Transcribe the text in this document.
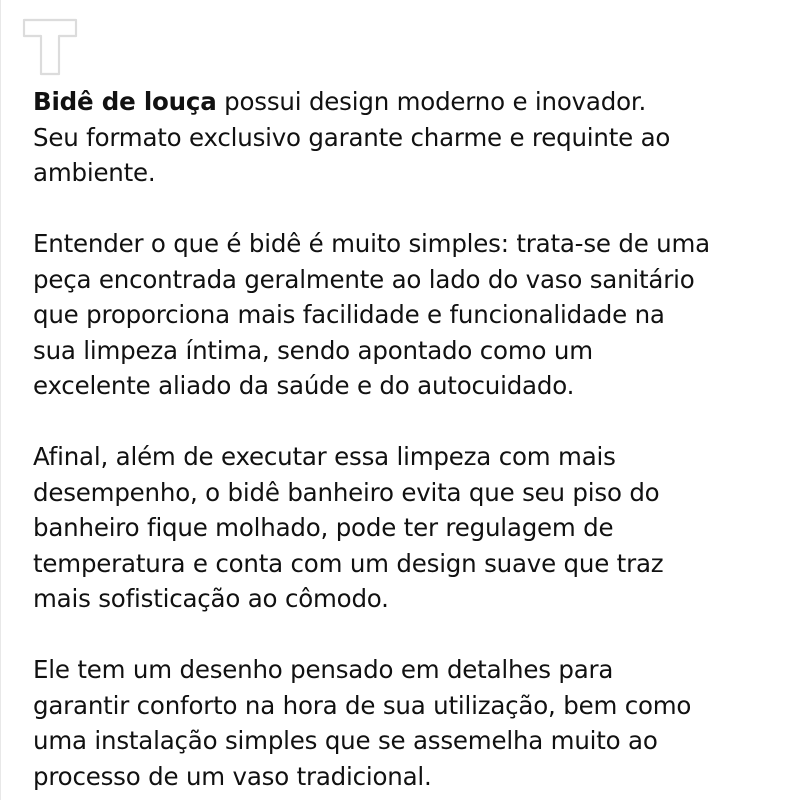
Bidê de louça possui design moderno e inovador.
Seu formato exclusivo garante charme e requinte ao
ambiente.

Entender o que é bidê é muito simples: trata-se de uma
peça encontrada geralmente ao lado do vaso sanitário
que proporciona mais facilidade e funcionalidade na
sua limpeza íntima, sendo apontado como um
excelente aliado da saúde e do autocuidado.

Afinal, além de executar essa limpeza com mais
desempenho, o bidê banheiro evita que seu piso do
banheiro fique molhado, pode ter regulagem de
temperatura e conta com um design suave que traz
mais sofisticação ao cômodo.

Ele tem um desenho pensado em detalhes para
garantir conforto na hora de sua utilização, bem como
uma instalação simples que se assemelha muito ao
processo de um vaso tradicional.
